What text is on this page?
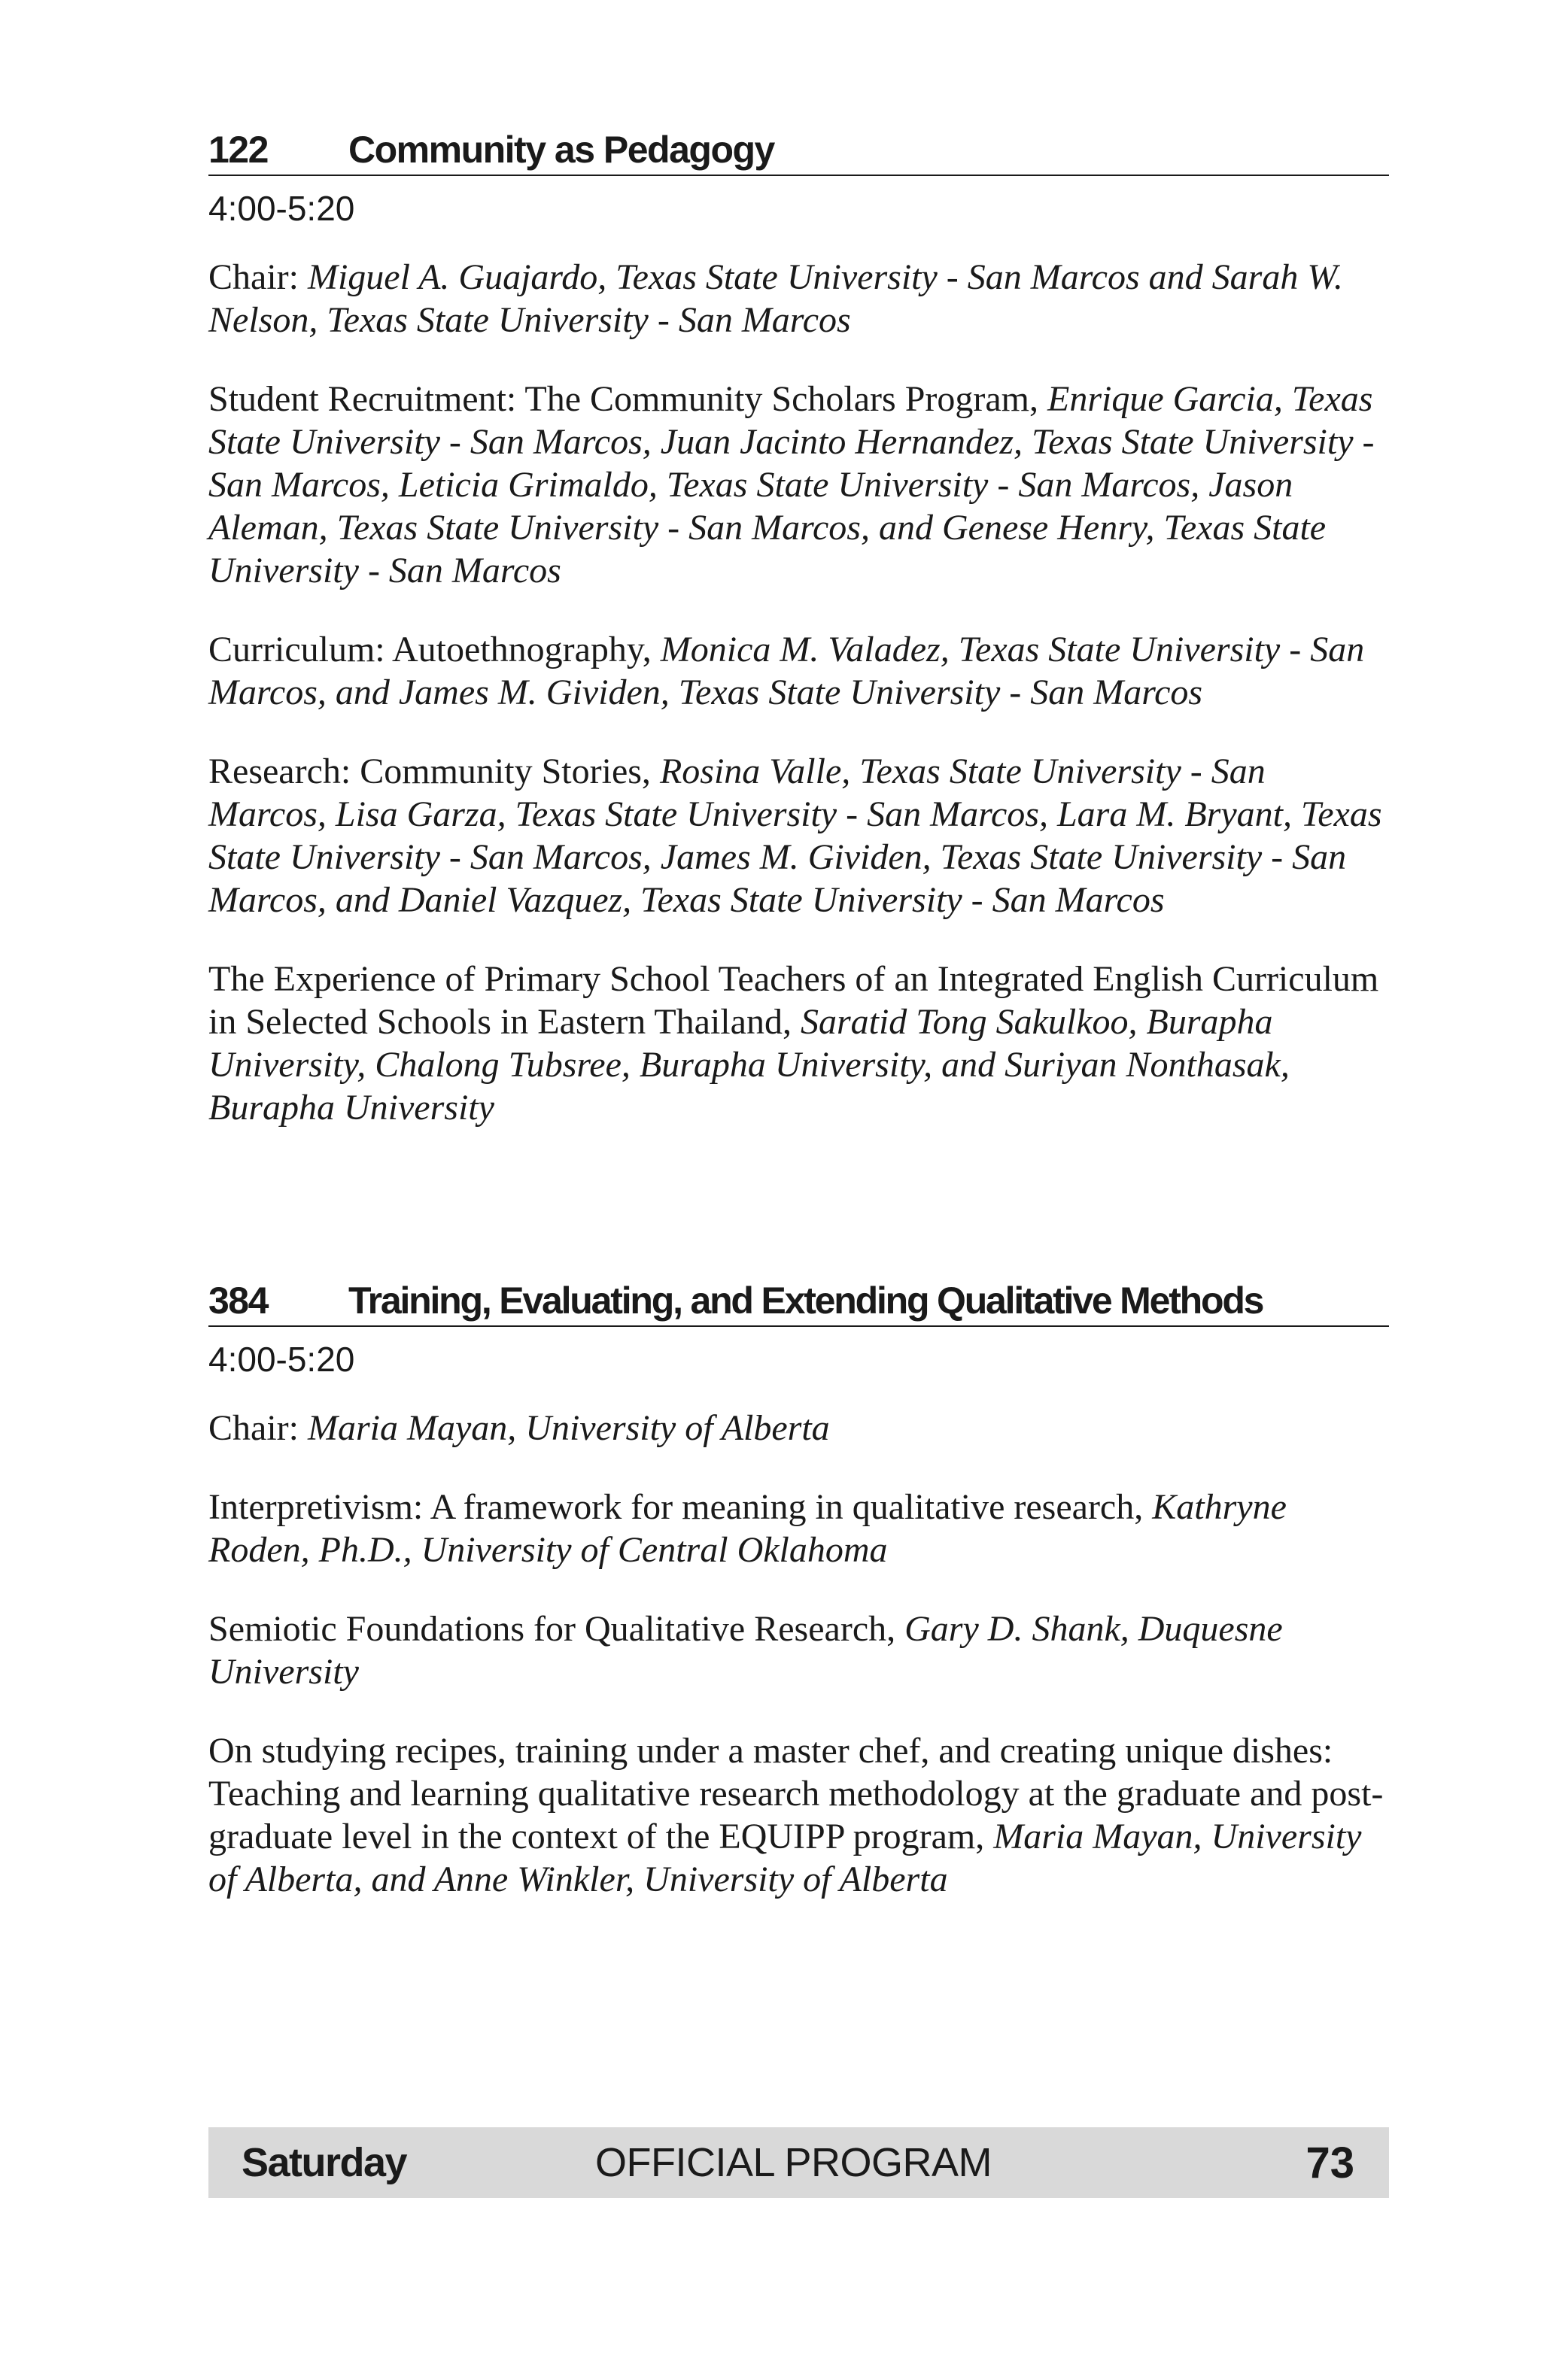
122	Community as Pedagogy
4:00-5:20
Chair: Miguel A. Guajardo, Texas State University - San Marcos and Sarah W. Nelson, Texas State University - San Marcos
Student Recruitment: The Community Scholars Program, Enrique Garcia, Texas State University - San Marcos, Juan Jacinto Hernandez, Texas State University - San Marcos, Leticia Grimaldo, Texas State University - San Marcos, Jason Aleman, Texas State University - San Marcos, and Genese Henry, Texas State University - San Marcos
Curriculum: Autoethnography, Monica M. Valadez, Texas State University - San Marcos, and James M. Gividen, Texas State University - San Marcos
Research: Community Stories, Rosina Valle, Texas State University - San Marcos, Lisa Garza, Texas State University - San Marcos, Lara M. Bryant, Texas State University - San Marcos, James M. Gividen, Texas State University - San Marcos, and Daniel Vazquez, Texas State University - San Marcos
The Experience of Primary School Teachers of an Integrated English Curriculum in Selected Schools in Eastern Thailand, Saratid Tong Sakulkoo, Burapha University, Chalong Tubsree, Burapha University, and Suriyan Nonthasak, Burapha University
384	Training, Evaluating, and Extending Qualitative Methods
4:00-5:20
Chair: Maria Mayan, University of Alberta
Interpretivism: A framework for meaning in qualitative research, Kathryne Roden, Ph.D., University of Central Oklahoma
Semiotic Foundations for Qualitative Research, Gary D. Shank, Duquesne University
On studying recipes, training under a master chef, and creating unique dishes: Teaching and learning qualitative research methodology at the graduate and post-graduate level in the context of the EQUIPP program, Maria Mayan, University of Alberta, and Anne Winkler, University of Alberta
Saturday	OFFICIAL PROGRAM	73
